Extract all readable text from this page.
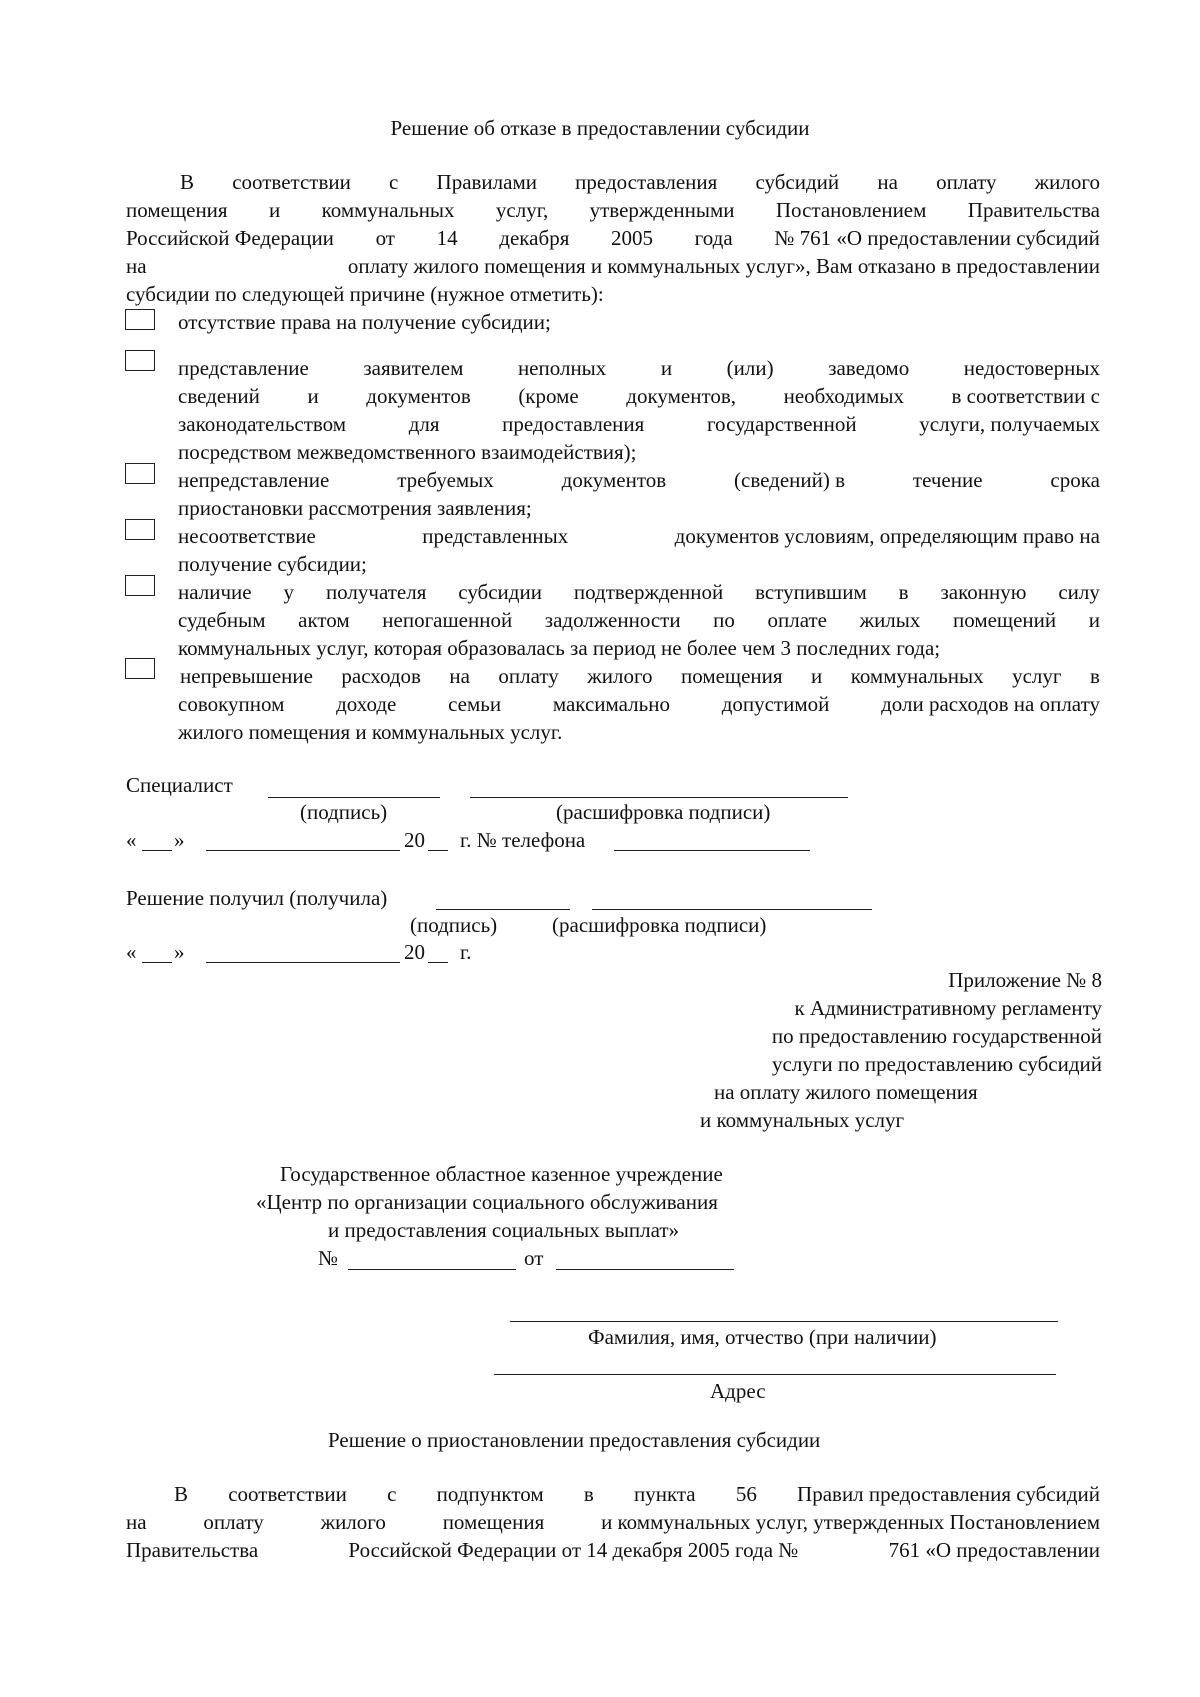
Решение об отказе в предоставлении субсидии
В соответствии с Правилами предоставления субсидий на оплату жилого
помещения и коммунальных услуг, утвержденными Постановлением Правительства
Российской Федерации от 14 декабря 2005 года № 761 «О предоставлении субсидий
на	оплату жилого помещения и коммунальных услуг», Вам отказано в предоставлении
субсидии по следующей причине (нужное отметить):
отсутствие права на получение субсидии;
представление	заявителем	неполных	и	(или)	заведомо	недостоверных
сведений и документов (кроме документов, необходимых в соответствии с
законодательством	для	предоставления	государственной	услуги, получаемых
посредством межведомственного взаимодействия);
непредставление	требуемых	документов	(сведений) в	течение	срока
приостановки рассмотрения заявления;
несоответствие	представленных	документов условиям, определяющим право на
получение субсидии;
наличие у получателя субсидии подтвержденной вступившим в законную силу
судебным актом непогашенной задолженности по оплате жилых помещений и
коммунальных услуг, которая образовалась за период не более чем 3 последних года;
непревышение расходов на оплату жилого помещения и коммунальных услуг в
совокупном доходе семьи максимально допустимой доли расходов на оплату
жилого помещения и коммунальных услуг.
Специалист
(подпись)	(расшифровка подписи)
« »	20 г. № телефона
Решение получил (получила)
(подпись)	(расшифровка подписи)
« »	20 г.
Приложение № 8
к Административному регламенту
по предоставлению государственной
услуги по предоставлению субсидий
на оплату жилого помещения
и коммунальных услуг
Государственное областное казенное учреждение
«Центр по организации социального обслуживания
и предоставления социальных выплат»
№	от
Фамилия, имя, отчество (при наличии)
Адрес
Решение о приостановлении предоставления субсидии
В соответствии с подпунктом в пункта 56 Правил предоставления субсидий
на	оплату	жилого	помещения	и коммунальных услуг, утвержденных Постановлением
Правительства	Российской Федерации от 14 декабря 2005 года №	761 «О предоставлении
